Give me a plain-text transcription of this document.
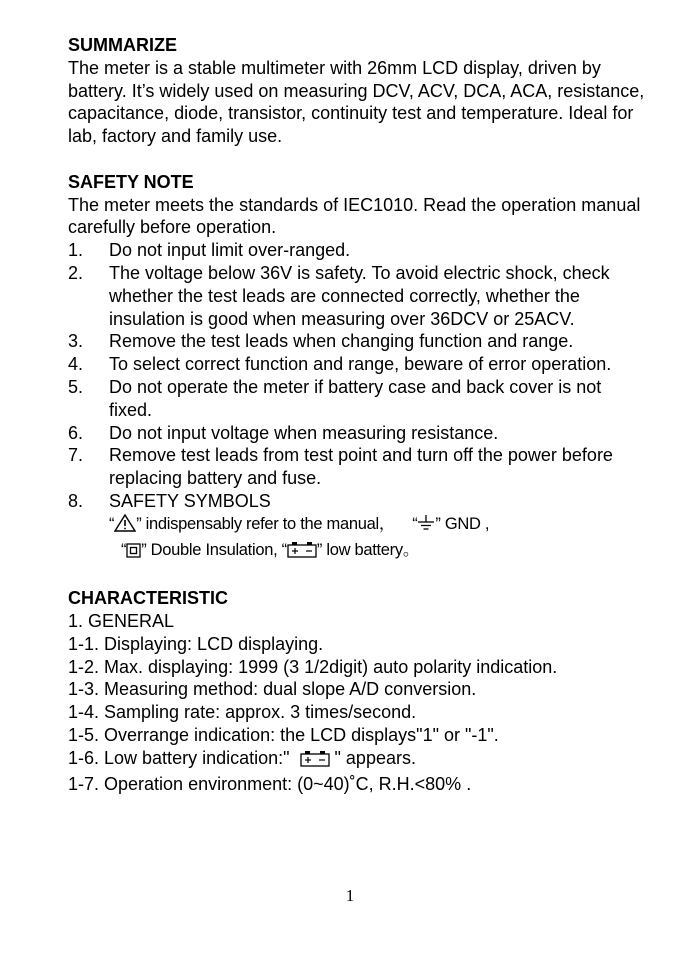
SUMMARIZE

The meter is a stable multimeter with 26mm LCD display, driven by battery. It’s widely used on measuring DCV, ACV, DCA, ACA, resistance, capacitance, diode, transistor, continuity test and temperature. Ideal for lab, factory and family use.

SAFETY NOTE

The meter meets the standards of IEC1010. Read the operation manual carefully before operation.

1. Do not input limit over-ranged.
2. The voltage below 36V is safety. To avoid electric shock, check whether the test leads are connected correctly, whether the insulation is good when measuring over 36DCV or 25ACV.
3. Remove the test leads when changing function and range.
4. To select correct function and range, beware of error operation.
5. Do not operate the meter if battery case and back cover is not fixed.
6. Do not input voltage when measuring resistance.
7. Remove test leads from test point and turn off the power before replacing battery and fuse.
8. SAFETY SYMBOLS
“ ” indispensably refer to the manual， “ ” GND ,
“ ” Double Insulation, “ ” low battery。

CHARACTERISTIC

1. GENERAL
1-1. Displaying: LCD displaying.
1-2. Max. displaying: 1999 (3 1/2digit) auto polarity indication.
1-3. Measuring method: dual slope A/D conversion.
1-4. Sampling rate: approx. 3 times/second.
1-5. Overrange indication: the LCD displays"1" or "-1".
1-6. Low battery indication:"   " appears.
1-7. Operation environment: (0~40)˚C, R.H.<80% .
1
